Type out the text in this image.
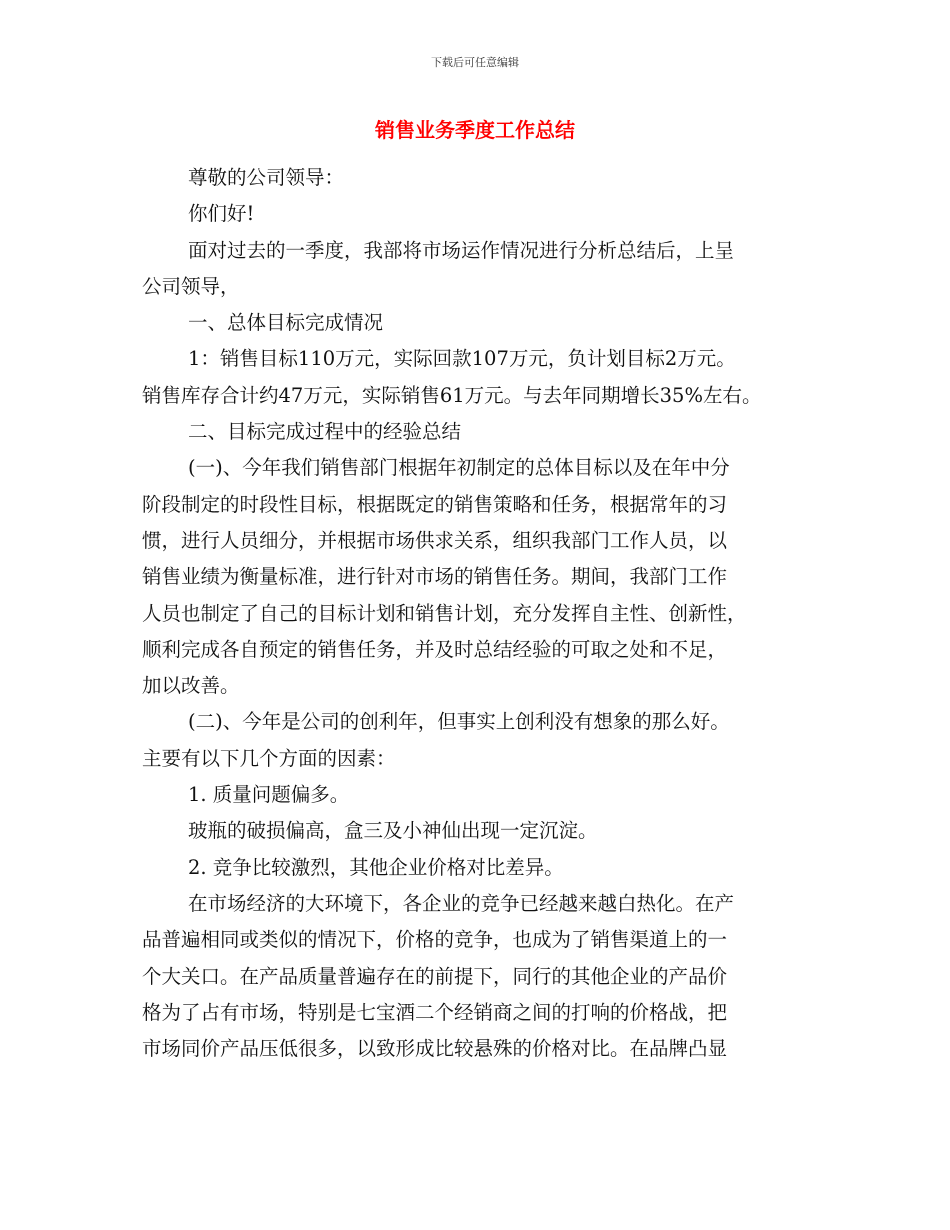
下载后可任意编辑
销售业务季度工作总结
尊敬的公司领导：
你们好!
面对过去的一季度，我部将市场运作情况进行分析总结后，上呈
公司领导，
一、总体目标完成情况
1：销售目标110万元，实际回款107万元，负计划目标2万元。
销售库存合计约47万元，实际销售61万元。与去年同期增长35%左右。
二、目标完成过程中的经验总结
(一)、今年我们销售部门根据年初制定的总体目标以及在年中分
阶段制定的时段性目标，根据既定的销售策略和任务，根据常年的习
惯，进行人员细分，并根据市场供求关系，组织我部门工作人员，以
销售业绩为衡量标准，进行针对市场的销售任务。期间，我部门工作
人员也制定了自己的目标计划和销售计划，充分发挥自主性、创新性，
顺利完成各自预定的销售任务，并及时总结经验的可取之处和不足，
加以改善。
(二)、今年是公司的创利年，但事实上创利没有想象的那么好。
主要有以下几个方面的因素：
1. 质量问题偏多。
玻瓶的破损偏高，盒三及小神仙出现一定沉淀。
2. 竞争比较激烈，其他企业价格对比差异。
在市场经济的大环境下，各企业的竞争已经越来越白热化。在产
品普遍相同或类似的情况下，价格的竞争，也成为了销售渠道上的一
个大关口。在产品质量普遍存在的前提下，同行的其他企业的产品价
格为了占有市场，特别是七宝酒二个经销商之间的打响的价格战，把
市场同价产品压低很多，以致形成比较悬殊的价格对比。在品牌凸显
